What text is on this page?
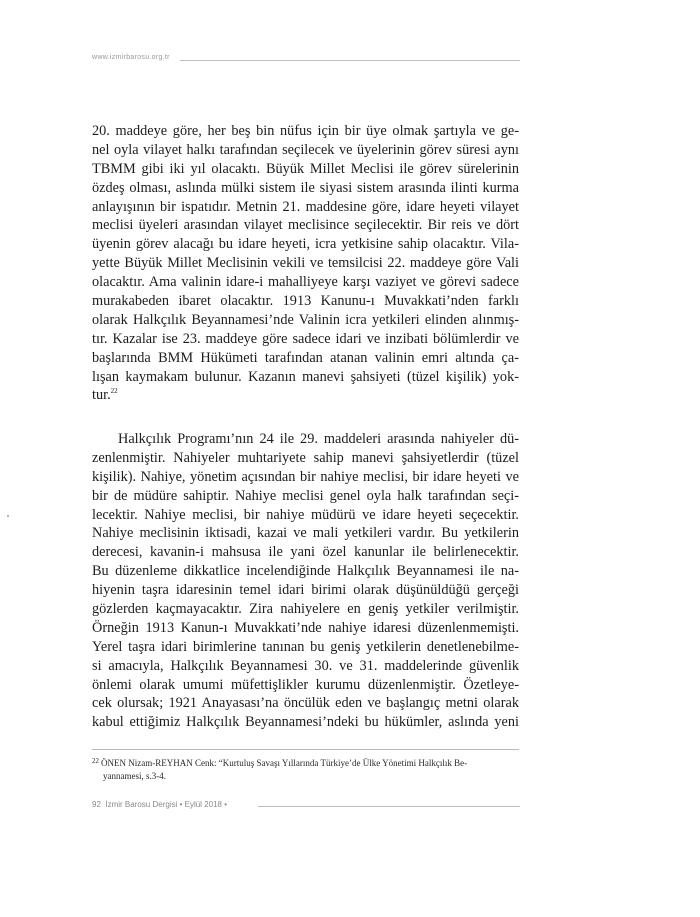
www.izmirbarosu.org.tr
20. maddeye göre, her beş bin nüfus için bir üye olmak şartıyla ve ge-
nel oyla vilayet halkı tarafından seçilecek ve üyelerinin görev süresi aynı
TBMM gibi iki yıl olacaktı. Büyük Millet Meclisi ile görev sürelerinin
özdeş olması, aslında mülki sistem ile siyasi sistem arasında ilinti kurma
anlayışının bir ispatıdır. Metnin 21. maddesine göre, idare heyeti vilayet
meclisi üyeleri arasından vilayet meclisince seçilecektir. Bir reis ve dört
üyenin görev alacağı bu idare heyeti, icra yetkisine sahip olacaktır. Vila-
yette Büyük Millet Meclisinin vekili ve temsilcisi 22. maddeye göre Vali
olacaktır. Ama valinin idare-i mahalliyeye karşı vaziyet ve görevi sadece
murakabeden ibaret olacaktır. 1913 Kanunu-ı Muvakkati’nden farklı
olarak Halkçılık Beyannamesi’nde Valinin icra yetkileri elinden alınmış-
tır. Kazalar ise 23. maddeye göre sadece idari ve inzibati bölümlerdir ve
başlarında BMM Hükümeti tarafından atanan valinin emri altında ça-
lışan kaymakam bulunur. Kazanın manevi şahsiyeti (tüzel kişilik) yok-
tur.$^{22}$
Halkçılık Programı’nın 24 ile 29. maddeleri arasında nahiyeler dü-
zenlenmiştir. Nahiyeler muhtariyete sahip manevi şahsiyetlerdir (tüzel
kişilik). Nahiye, yönetim açısından bir nahiye meclisi, bir idare heyeti ve
bir de müdüre sahiptir. Nahiye meclisi genel oyla halk tarafından seçi-
lecektir. Nahiye meclisi, bir nahiye müdürü ve idare heyeti seçecektir.
Nahiye meclisinin iktisadi, kazai ve mali yetkileri vardır. Bu yetkilerin
derecesi, kavanin-i mahsusa ile yani özel kanunlar ile belirlenecektir.
Bu düzenleme dikkatlice incelendiğinde Halkçılık Beyannamesi ile na-
hiyenin taşra idaresinin temel idari birimi olarak düşünüldüğü gerçeği
gözlerden kaçmayacaktır. Zira nahiyelere en geniş yetkiler verilmiştir.
Örneğin 1913 Kanun-ı Muvakkati’nde nahiye idaresi düzenlenmemişti.
Yerel taşra idari birimlerine tanınan bu geniş yetkilerin denetlenebilme-
si amacıyla, Halkçılık Beyannamesi 30. ve 31. maddelerinde güvenlik
önlemi olarak umumi müfettişlikler kurumu düzenlenmiştir. Özetleye-
cek olursak; 1921 Anayasası’na öncülük eden ve başlangıç metni olarak
kabul ettiğimiz Halkçılık Beyannamesi’ndeki bu hükümler, aslında yeni
$^{22}$ ÖNEN Nizam-REYHAN Cenk: “Kurtuluş Savaşı Yıllarında Türkiye’de Ülke Yönetimi Halkçılık Be-
yannamesi, s.3-4.
92 İzmir Barosu Dergisi • Eylül 2018 •
